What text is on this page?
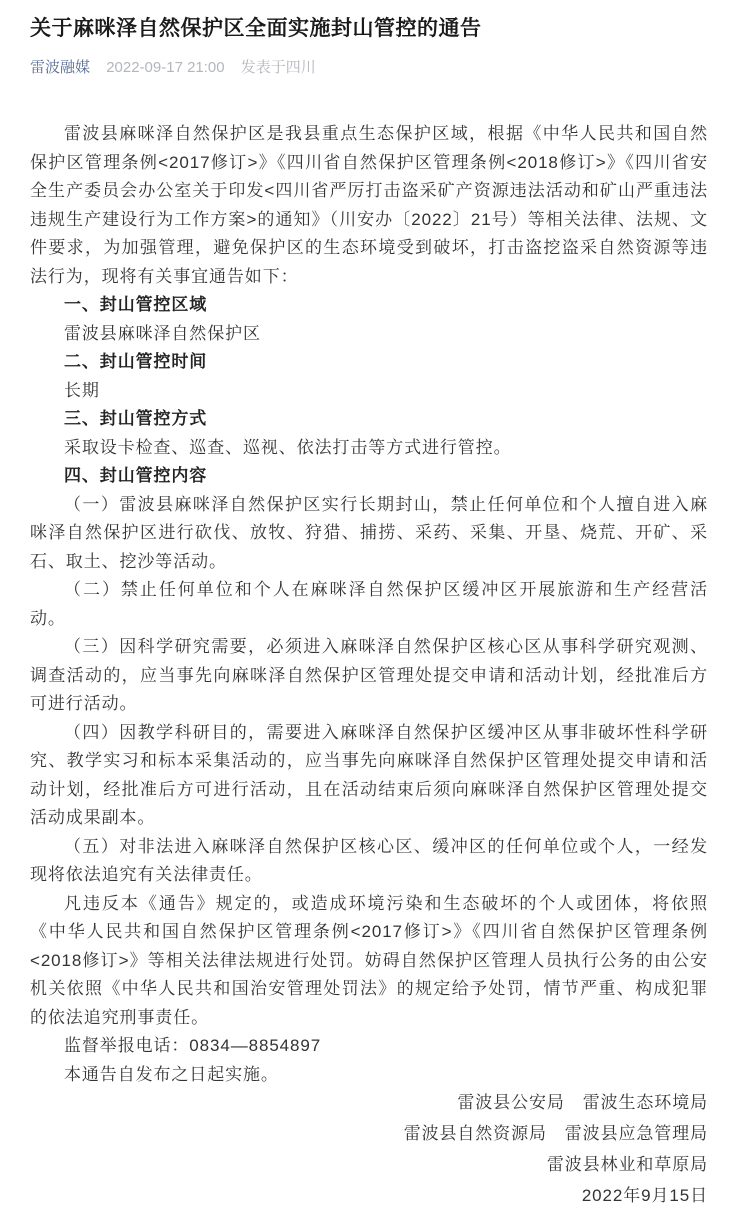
关于麻咪泽自然保护区全面实施封山管控的通告
雷波融媒 2022-09-17 21:00 发表于四川

雷波县麻咪泽自然保护区是我县重点生态保护区域，根据《中华人民共和国自然保护区管理条例<2017修订>》《四川省自然保护区管理条例<2018修订>》《四川省安全生产委员会办公室关于印发<四川省严厉打击盗采矿产资源违法活动和矿山严重违法违规生产建设行为工作方案>的通知》（川安办〔2022〕21号）等相关法律、法规、文件要求，为加强管理，避免保护区的生态环境受到破坏，打击盗挖盗采自然资源等违法行为，现将有关事宜通告如下：

一、封山管控区域

雷波县麻咪泽自然保护区

二、封山管控时间

长期

三、封山管控方式

采取设卡检查、巡查、巡视、依法打击等方式进行管控。

四、封山管控内容

（一）雷波县麻咪泽自然保护区实行长期封山，禁止任何单位和个人擅自进入麻咪泽自然保护区进行砍伐、放牧、狩猎、捕捞、采药、采集、开垦、烧荒、开矿、采石、取土、挖沙等活动。

（二）禁止任何单位和个人在麻咪泽自然保护区缓冲区开展旅游和生产经营活动。

（三）因科学研究需要，必须进入麻咪泽自然保护区核心区从事科学研究观测、调查活动的，应当事先向麻咪泽自然保护区管理处提交申请和活动计划，经批准后方可进行活动。

（四）因教学科研目的，需要进入麻咪泽自然保护区缓冲区从事非破坏性科学研究、教学实习和标本采集活动的，应当事先向麻咪泽自然保护区管理处提交申请和活动计划，经批准后方可进行活动，且在活动结束后须向麻咪泽自然保护区管理处提交活动成果副本。

（五）对非法进入麻咪泽自然保护区核心区、缓冲区的任何单位或个人，一经发现将依法追究有关法律责任。

凡违反本《通告》规定的，或造成环境污染和生态破坏的个人或团体，将依照《中华人民共和国自然保护区管理条例<2017修订>》《四川省自然保护区管理条例<2018修订>》等相关法律法规进行处罚。妨碍自然保护区管理人员执行公务的由公安机关依照《中华人民共和国治安管理处罚法》的规定给予处罚，情节严重、构成犯罪的依法追究刑事责任。

监督举报电话：0834—8854897

本通告自发布之日起实施。

雷波县公安局　雷波生态环境局

雷波县自然资源局　雷波县应急管理局

雷波县林业和草原局

2022年9月15日
